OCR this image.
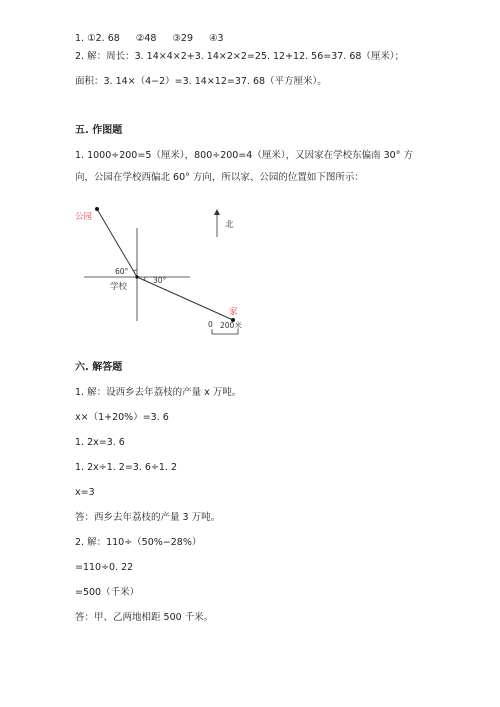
1. ①2. 68 ②48 ③29 ④3
2. 解：周长：3. 14×4×2+3. 14×2×2=25. 12+12. 56=37. 68（厘米）；
面积：3. 14×（4−2）=3. 14×12=37. 68（平方厘米）。
五. 作图题
1. 1000÷200=5（厘米），800÷200=4（厘米），又因家在学校东偏南 30° 方
向，公园在学校西偏北 60° 方向，所以家、公园的位置如下图所示：
公园
60°
30°
学校
家
北
0 200米
六. 解答题
1. 解：设西乡去年荔枝的产量 x 万吨。
x×（1+20%）=3. 6
1. 2x=3. 6
1. 2x÷1. 2=3. 6÷1. 2
x=3
答：西乡去年荔枝的产量 3 万吨。
2. 解：110÷（50%−28%）
=110÷0. 22
=500（千米）
答：甲、乙两地相距 500 千米。
